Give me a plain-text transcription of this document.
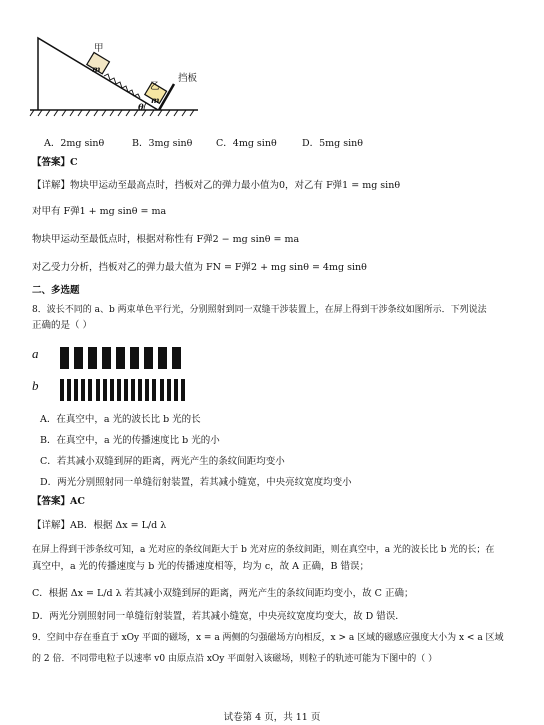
甲
乙
挡板
m
m
θ
A．2mg sinθ	B．3mg sinθ C．4mg sinθ	D．5mg sinθ
【答案】C
【详解】物块甲运动至最高点时，挡板对乙的弹力最小值为0，对乙有 F弹1 = mg sinθ
对甲有 F弹1 + mg sinθ = ma
物块甲运动至最低点时，根据对称性有 F弹2 − mg sinθ = ma
对乙受力分析，挡板对乙的弹力最大值为 FN = F弹2 + mg sinθ = 4mg sinθ
二、多选题
8．波长不同的 a、b 两束单色平行光，分别照射到同一双缝干涉装置上，在屏上得到干涉条纹如图所示．下列说法
正确的是（ ）
a
b
A．在真空中，a 光的波长比 b 光的长
B．在真空中，a 光的传播速度比 b 光的小
C．若其减小双缝到屏的距离，两光产生的条纹间距均变小
D．两光分别照射同一单缝衍射装置，若其减小缝宽，中央亮纹宽度均变小
【答案】AC
【详解】AB．根据 Δx = L/d λ
在屏上得到干涉条纹可知，a 光对应的条纹间距大于 b 光对应的条纹间距，则在真空中，a 光的波长比 b 光的长；在
真空中，a 光的传播速度与 b 光的传播速度相等，均为 c，故 A 正确，B 错误；
C．根据 Δx = L/d λ 若其减小双缝到屏的距离，两光产生的条纹间距均变小，故 C 正确；
D．两光分别照射同一单缝衍射装置，若其减小缝宽，中央亮纹宽度均变大，故 D 错误．
9．空间中存在垂直于 xOy 平面的磁场，x = a 两侧的匀强磁场方向相反，x > a 区域的磁感应强度大小为 x < a 区域
的 2 倍．不同带电粒子以速率 v0 由原点沿 xOy 平面射入该磁场，则粒子的轨迹可能为下图中的（ ）
试卷第 4 页，共 11 页
